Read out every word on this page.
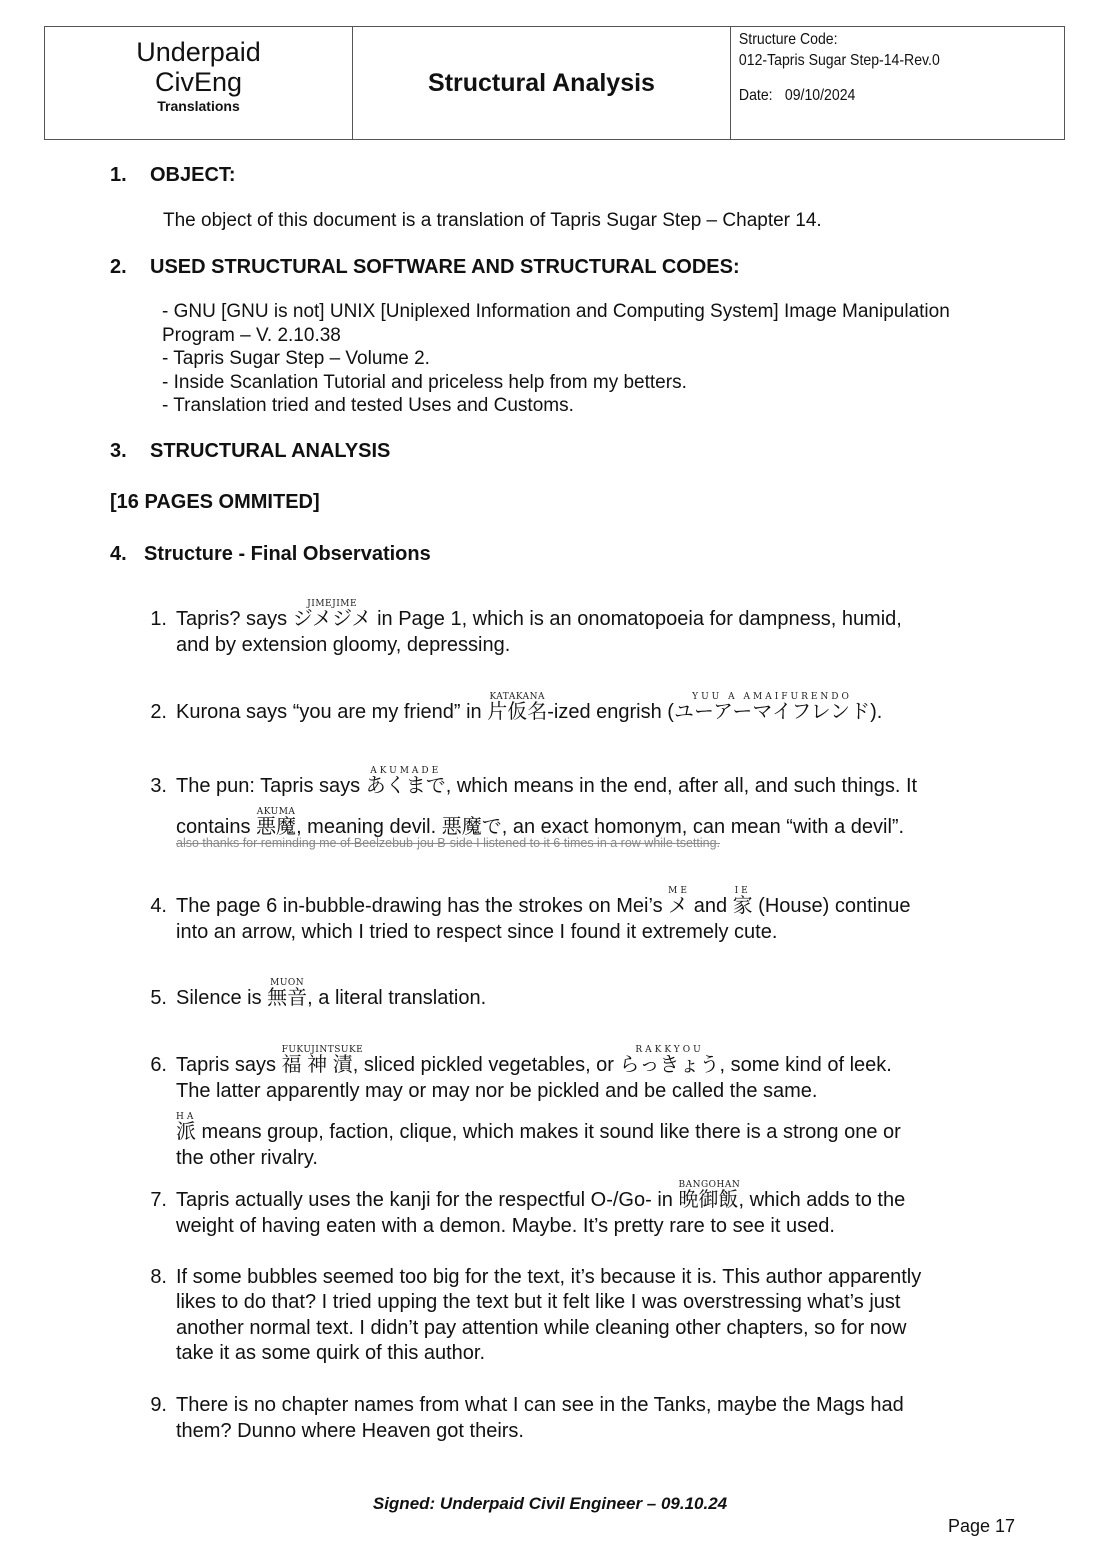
Underpaid
CivEng
Translations
Structural Analysis
Structure Code:
012-Tapris Sugar Step-14-Rev.0
Date: 09/10/2024
1. OBJECT:
The object of this document is a translation of Tapris Sugar Step – Chapter 14.
2. USED STRUCTURAL SOFTWARE AND STRUCTURAL CODES:
- GNU [GNU is not] UNIX [Uniplexed Information and Computing System] Image Manipulation
Program – V. 2.10.38
- Tapris Sugar Step – Volume 2.
- Inside Scanlation Tutorial and priceless help from my betters.
- Translation tried and tested Uses and Customs.
3. STRUCTURAL ANALYSIS
[16 PAGES OMMITED]
4. Structure - Final Observations
1. Tapris? says ジメジメ
JIMEJIME
in Page 1, which is an onomatopoeia for dampness, humid,
and by extension gloomy, depressing.
2. Kurona says “you are my friend” in 片仮名
KATAKANA
-ized engrish (ユーアーマイフレンド
YUU A AMAIFURENDO
).
3. The pun: Tapris says あくまで
AKUMADE
, which means in the end, after all, and such things. It
contains 悪魔
AKUMA
, meaning devil. 悪魔で, an exact homonym, can mean “with a devil”.
also thanks for reminding me of Beelzebub-jou B-side I listened to it 6 times in a row while tsetting.
4. The page 6 in-bubble-drawing has the strokes on Mei’s メ
ME
and 家
IE
(House) continue
into an arrow, which I tried to respect since I found it extremely cute.
5. Silence is 無音
MUON
, a literal translation.
6. Tapris says 福 神 漬
FUKUJINTSUKE
, sliced pickled vegetables, or らっきょう
RAKKYOU
, some kind of leek.
The latter apparently may or may nor be pickled and be called the same.
派
HA
means group, faction, clique, which makes it sound like there is a strong one or
the other rivalry.
7. Tapris actually uses the kanji for the respectful O-/Go- in 晩御飯
BANGOHAN
, which adds to the
weight of having eaten with a demon. Maybe. It’s pretty rare to see it used.
8. If some bubbles seemed too big for the text, it’s because it is. This author apparently
likes to do that? I tried upping the text but it felt like I was overstressing what’s just
another normal text. I didn’t pay attention while cleaning other chapters, so for now
take it as some quirk of this author.
9. There is no chapter names from what I can see in the Tanks, maybe the Mags had
them? Dunno where Heaven got theirs.
Signed: Underpaid Civil Engineer – 09.10.24
Page 17
